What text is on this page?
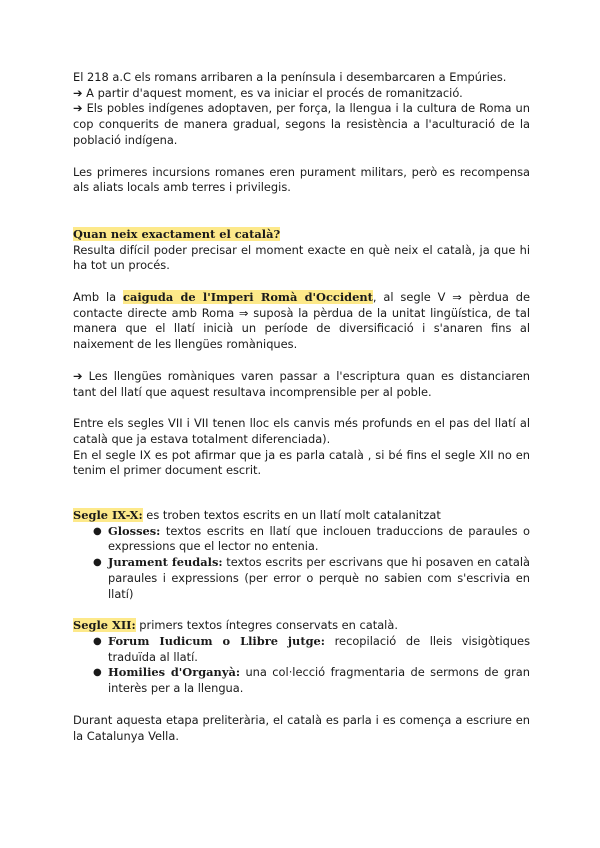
El 218 a.C els romans arribaren a la península i desembarcaren a Empúries.
➔ A partir d'aquest moment, es va iniciar el procés de romanització.
➔ Els pobles indígenes adoptaven, per força, la llengua i la cultura de Roma un cop conquerits de manera gradual, segons la resistència a l'aculturació de la població indígena.

Les primeres incursions romanes eren purament militars, però es recompensa als aliats locals amb terres i privilegis.

Quan neix exactament el català?
Resulta difícil poder precisar el moment exacte en què neix el català, ja que hi ha tot un procés.

Amb la caiguda de l'Imperi Romà d'Occident, al segle V ⇒ pèrdua de contacte directe amb Roma ⇒ suposà la pèrdua de la unitat lingüística, de tal manera que el llatí inicià un període de diversificació i s'anaren fins al naixement de les llengües romàniques.

➔ Les llengües romàniques varen passar a l'escriptura quan es distanciaren tant del llatí que aquest resultava incomprensible per al poble.

Entre els segles VII i VII tenen lloc els canvis més profunds en el pas del llatí al català que ja estava totalment diferenciada).
En el segle IX es pot afirmar que ja es parla català , si bé fins el segle XII no en tenim el primer document escrit.

Segle IX-X: es troben textos escrits en un llatí molt catalanitzat

● Glosses: textos escrits en llatí que inclouen traduccions de paraules o expressions que el lector no entenia.
● Jurament feudals: textos escrits per escrivans que hi posaven en català paraules i expressions (per error o perquè no sabien com s'escrivia en llatí)

Segle XII: primers textos íntegres conservats en català.

● Forum Iudicum o Llibre jutge: recopilació de lleis visigòtiques traduïda al llatí.
● Homilies d'Organyà: una col·lecció fragmentaria de sermons de gran interès per a la llengua.

Durant aquesta etapa preliterària, el català es parla i es comença a escriure en la Catalunya Vella.
